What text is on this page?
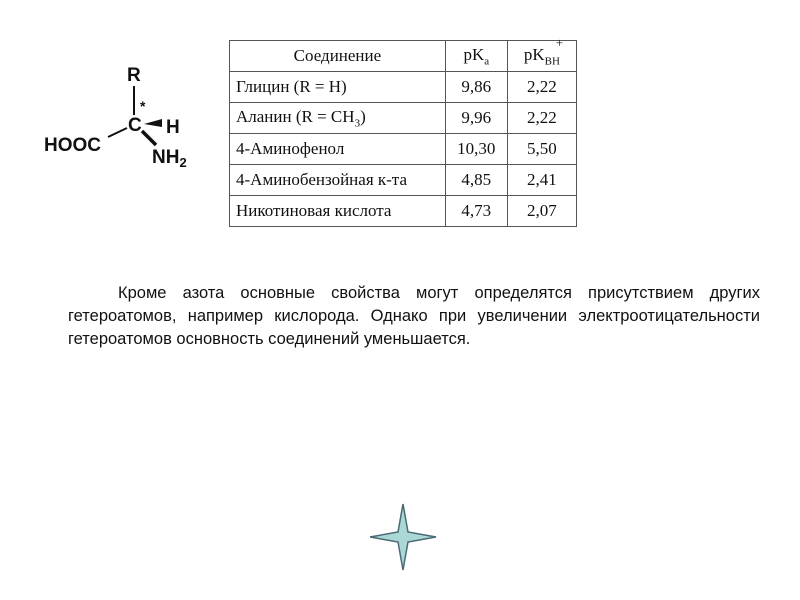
R
C
*
H
$NH_2$
HOOC
Соединение	$pK_a$	$pK_{BH}$
+

Глицин (R = H)	9,86	2,22
Аланин $(R = CH_3)$	9,96	2,22
4-Аминофенол	10,30	5,50
4-Аминобензойная к-та	4,85	2,41
Никотиновая кислота	4,73	2,07

Кроме азота основные свойства могут определятся присутствием других гетероатомов, например кислорода. Однако при увеличении электроотицательности гетероатомов основность соединений уменьшается.
